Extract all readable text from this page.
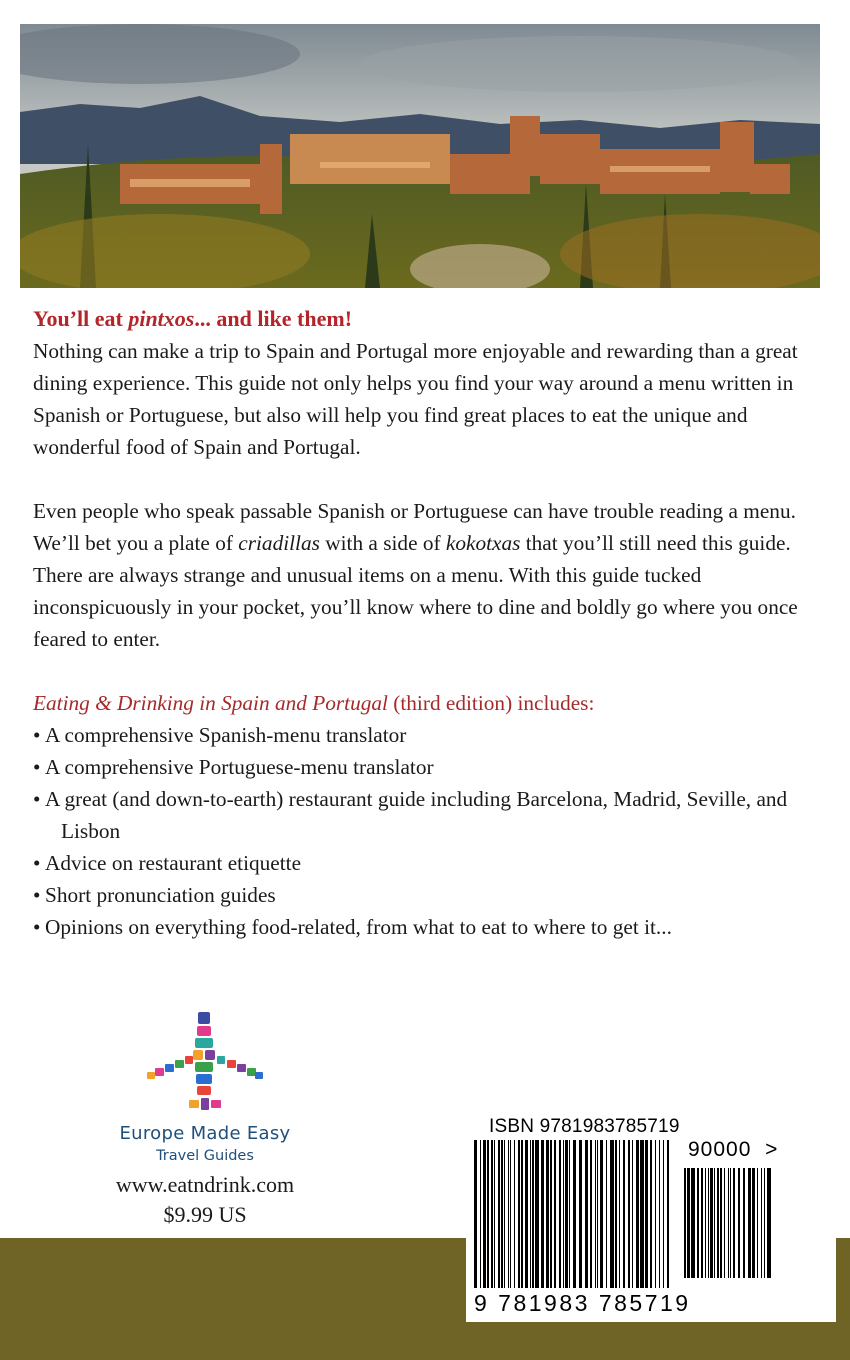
You’ll eat pintxos... and like them!

Nothing can make a trip to Spain and Portugal more enjoyable and rewarding than a great dining experience. This guide not only helps you find your way around a menu written in Spanish or Portuguese, but also will help you find great places to eat the unique and wonderful food of Spain and Portugal.

Even people who speak passable Spanish or Portuguese can have trouble reading a menu. We’ll bet you a plate of criadillas with a side of kokotxas that you’ll still need this guide. There are always strange and unusual items on a menu. With this guide tucked inconspicuously in your pocket, you’ll know where to dine and boldly go where you once feared to enter.

Eating & Drinking in Spain and Portugal (third edition) includes:

• A comprehensive Spanish-menu translator
• A comprehensive Portuguese-menu translator
• A great (and down-to-earth) restaurant guide including Barcelona, Madrid, Seville, and Lisbon
• Advice on restaurant etiquette
• Short pronunciation guides
• Opinions on everything food-related, from what to eat to where to get it...
Europe Made Easy
Travel Guides
www.eatndrink.com
$9.99 US
ISBN 9781983785719
90000 >
9 781983 785719
